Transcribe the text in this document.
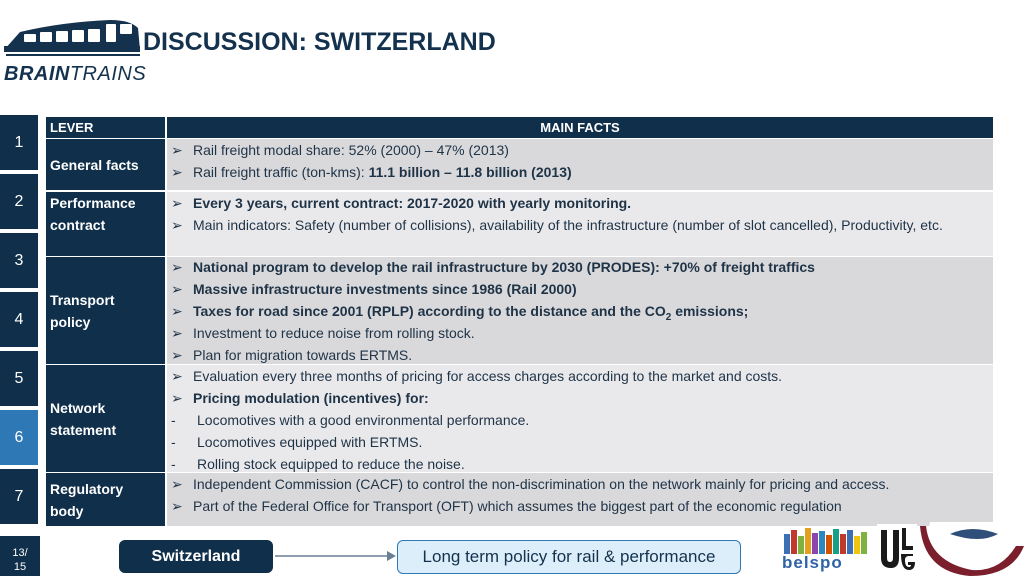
BRAINTRAINS
DISCUSSION: SWITZERLAND
1
2
3
4
5
6
7
13/
15
LEVER	MAIN FACTS
General facts
➢ Rail freight modal share: 52% (2000) – 47% (2013)
➢ Rail freight traffic (ton-kms): 11.1 billion – 11.8 billion (2013)
Performance
contract
➢ Every 3 years, current contract: 2017-2020 with yearly monitoring.
➢ Main indicators: Safety (number of collisions), availability of the infrastructure (number of slot cancelled), Productivity, etc.
Transport
policy
➢ National program to develop the rail infrastructure by 2030 (PRODES): +70% of freight traffics
➢ Massive infrastructure investments since 1986 (Rail 2000)
➢ Taxes for road since 2001 (RPLP) according to the distance and the $CO_2$ emissions;
➢ Investment to reduce noise from rolling stock.
➢ Plan for migration towards ERTMS.
Network
statement
➢ Evaluation every three months of pricing for access charges according to the market and costs.
➢ Pricing modulation (incentives) for:
- Locomotives with a good environmental performance.
- Locomotives equipped with ERTMS.
- Rolling stock equipped to reduce the noise.
Regulatory
body
➢ Independent Commission (CACF) to control the non-discrimination on the network mainly for pricing and access.
➢ Part of the Federal Office for Transport (OFT) which assumes the biggest part of the economic regulation
Switzerland	Long term policy for rail & performance	belspo
